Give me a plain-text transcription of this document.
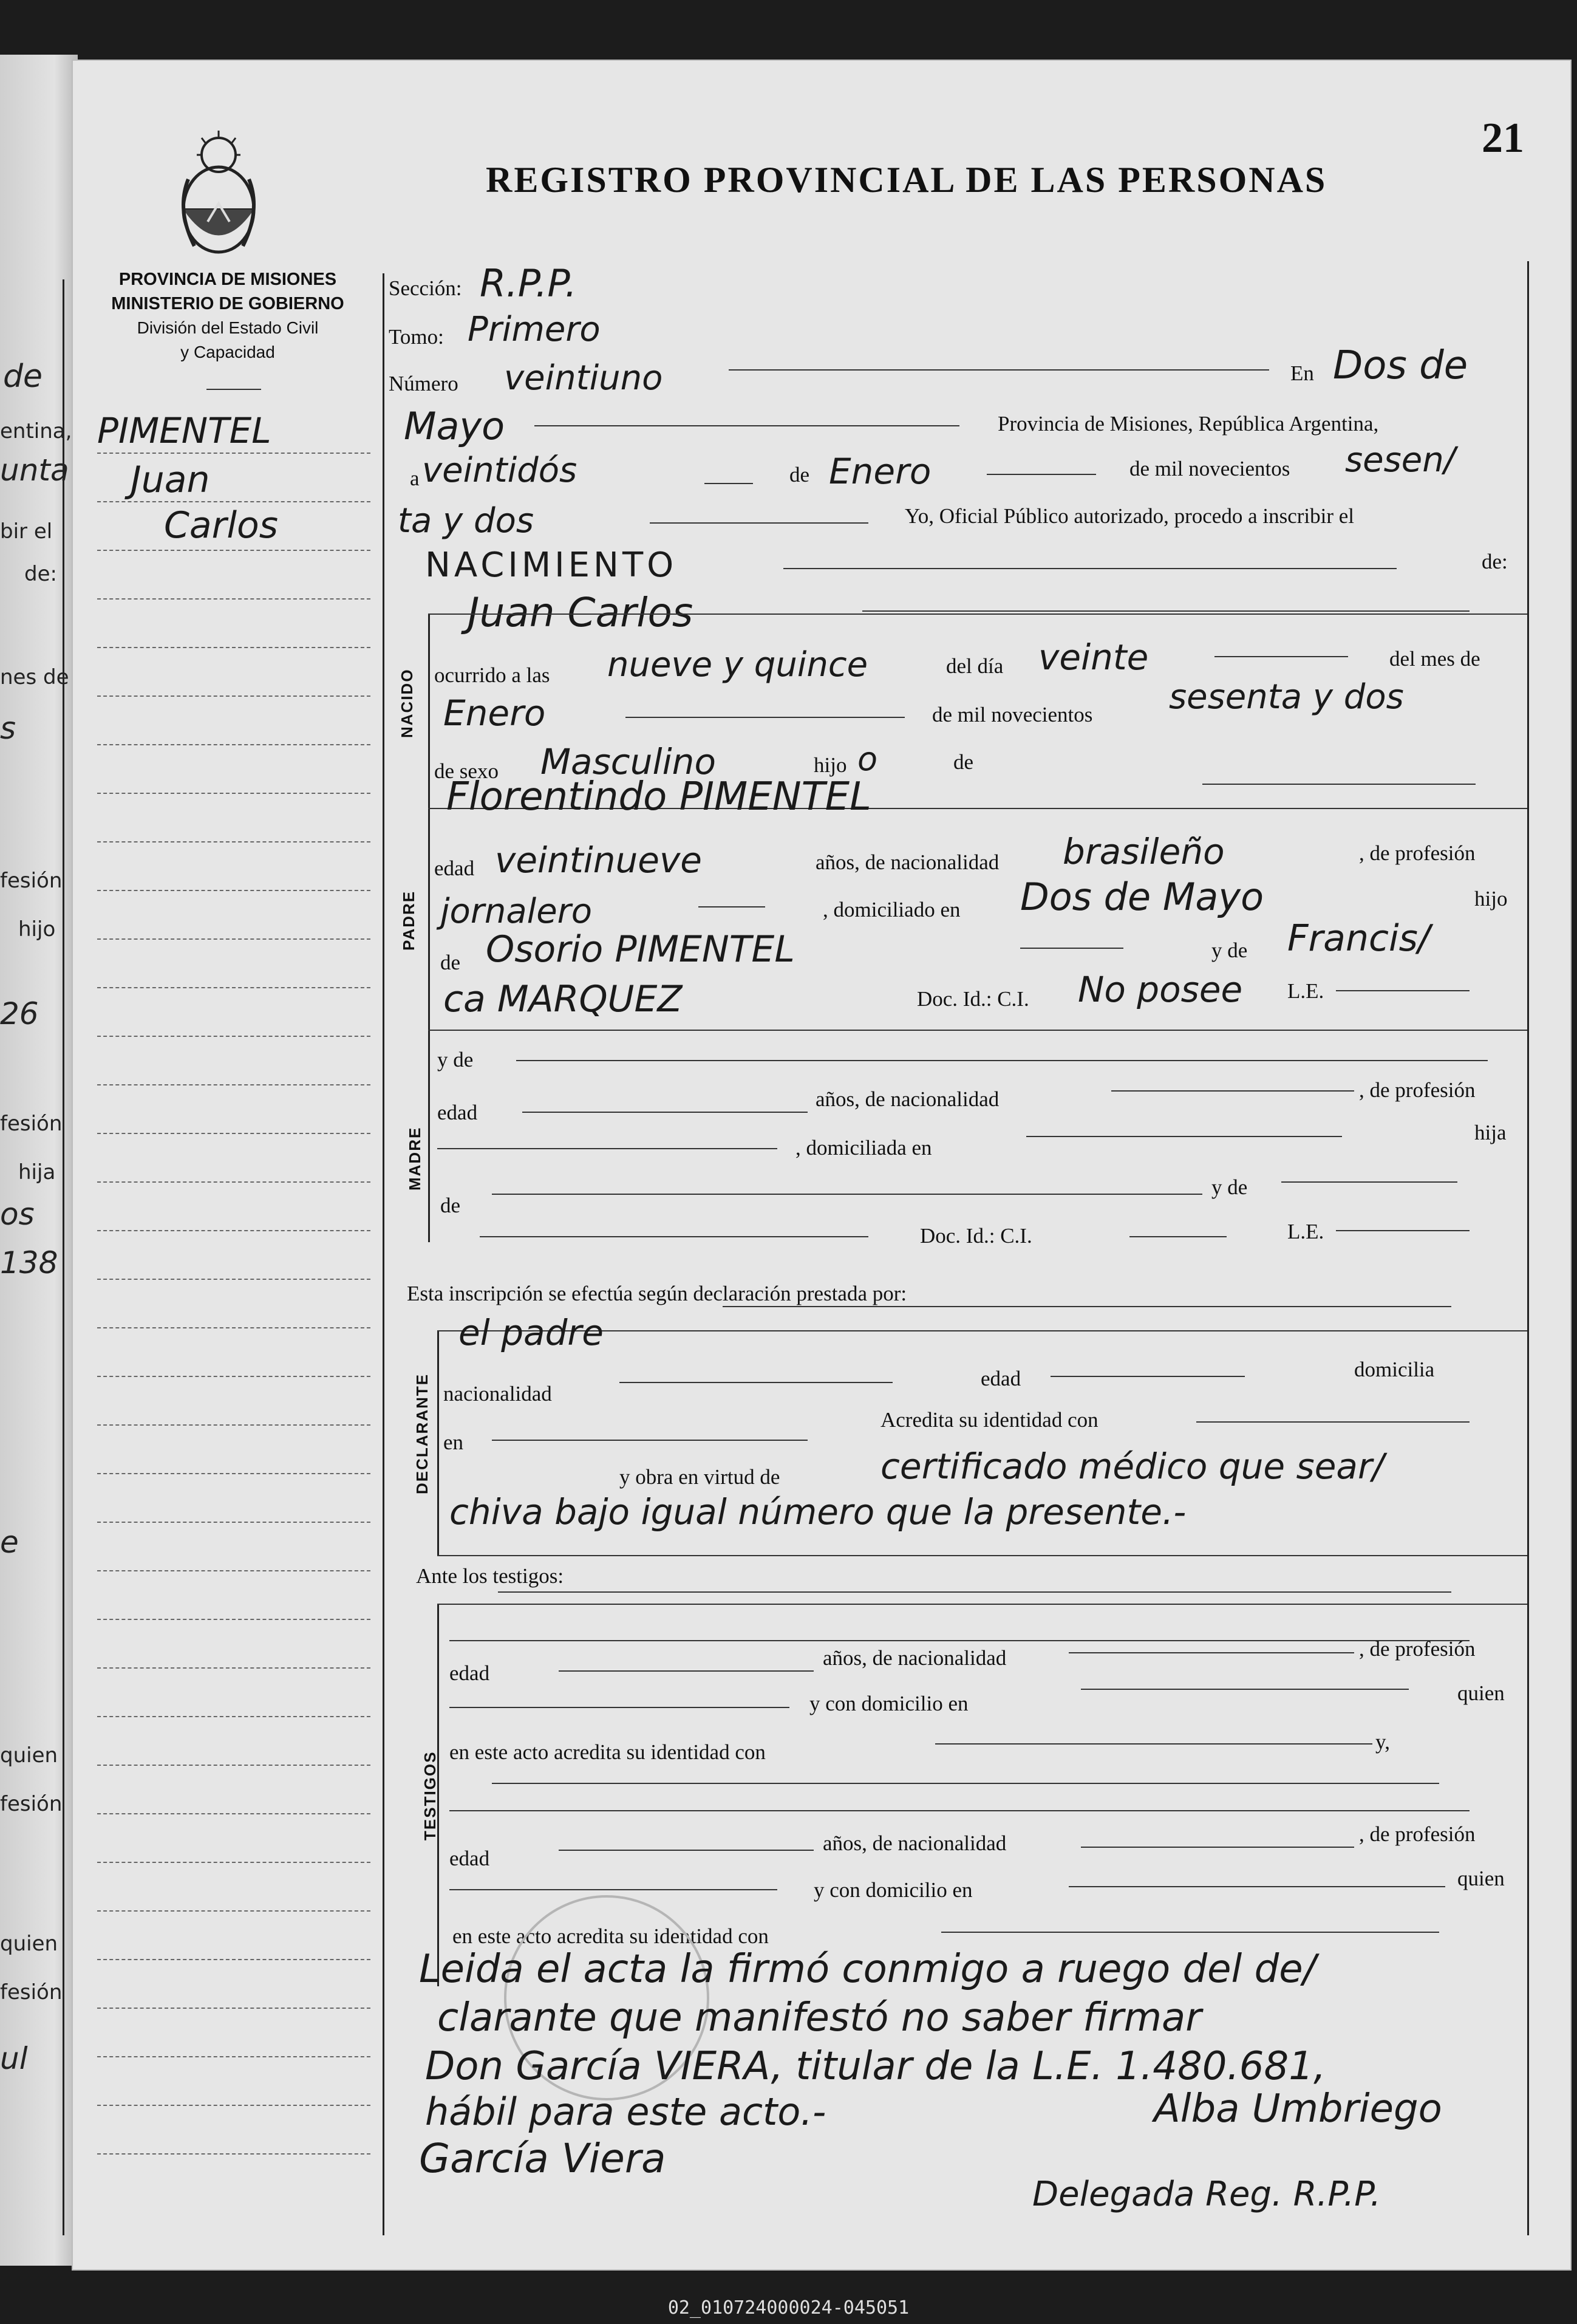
de
entina,
unta
bir el
de:
nes de
s
fesión
hijo
26
fesión
hija
os
138
e
quien
fesión
quien
fesión
ul
21
PROVINCIA DE MISIONES
MINISTERIO DE GOBIERNO
División del Estado Civil
y Capacidad
REGISTRO PROVINCIAL DE LAS PERSONAS
PIMENTEL
Juan
Carlos
Sección: R.P.P.
Tomo: Primero
Número veintiuno	En Dos de
Mayo	Provincia de Misiones, República Argentina,
a veintidós	de Enero	de mil novecientos sesen/
ta y dos	Yo, Oficial Público autorizado, procedo a inscribir el
NACIMIENTO	de:
Juan Carlos
NACIDO ocurrido a las nueve y quince	del día veinte	del mes de
Enero	de mil novecientos sesenta y dos
de sexo Masculino	hijo o	de
Florentindo PIMENTEL
PADRE
edad veintinueve	años, de nacionalidad brasileño	, de profesión
jornalero	, domiciliado en Dos de Mayo	hijo
de Osorio PIMENTEL	y de Francis/
ca MARQUEZ	Doc. Id.: C.I. No posee L.E.
y de
MADRE
edad
años, de nacionalidad	, de profesión
, domiciliada en
hija
de
y de
Doc. Id.: C.I.	L.E.
Esta inscripción se efectúa según declaración prestada por:
el padre
DECLARANTE nacionalidad
edad	domicilia
en
Acredita su identidad con
y obra en virtud de	certificado médico que sear/
chiva bajo igual número que la presente.-
Ante los testigos:
TESTIGOS
edad
años, de nacionalidad	, de profesión
y con domicilio en	quien
en este acto acredita su identidad con	y,
edad
años, de nacionalidad	, de profesión
y con domicilio en	quien
en este acto acredita su identidad con
Leida el acta la firmó conmigo a ruego del de/
clarante que manifestó no saber firmar
Don García VIERA, titular de la L.E. 1.480.681,
hábil para este acto.-	Alba Umbriego
García Viera
Delegada Reg. R.P.P.
02_010724000024-045051
